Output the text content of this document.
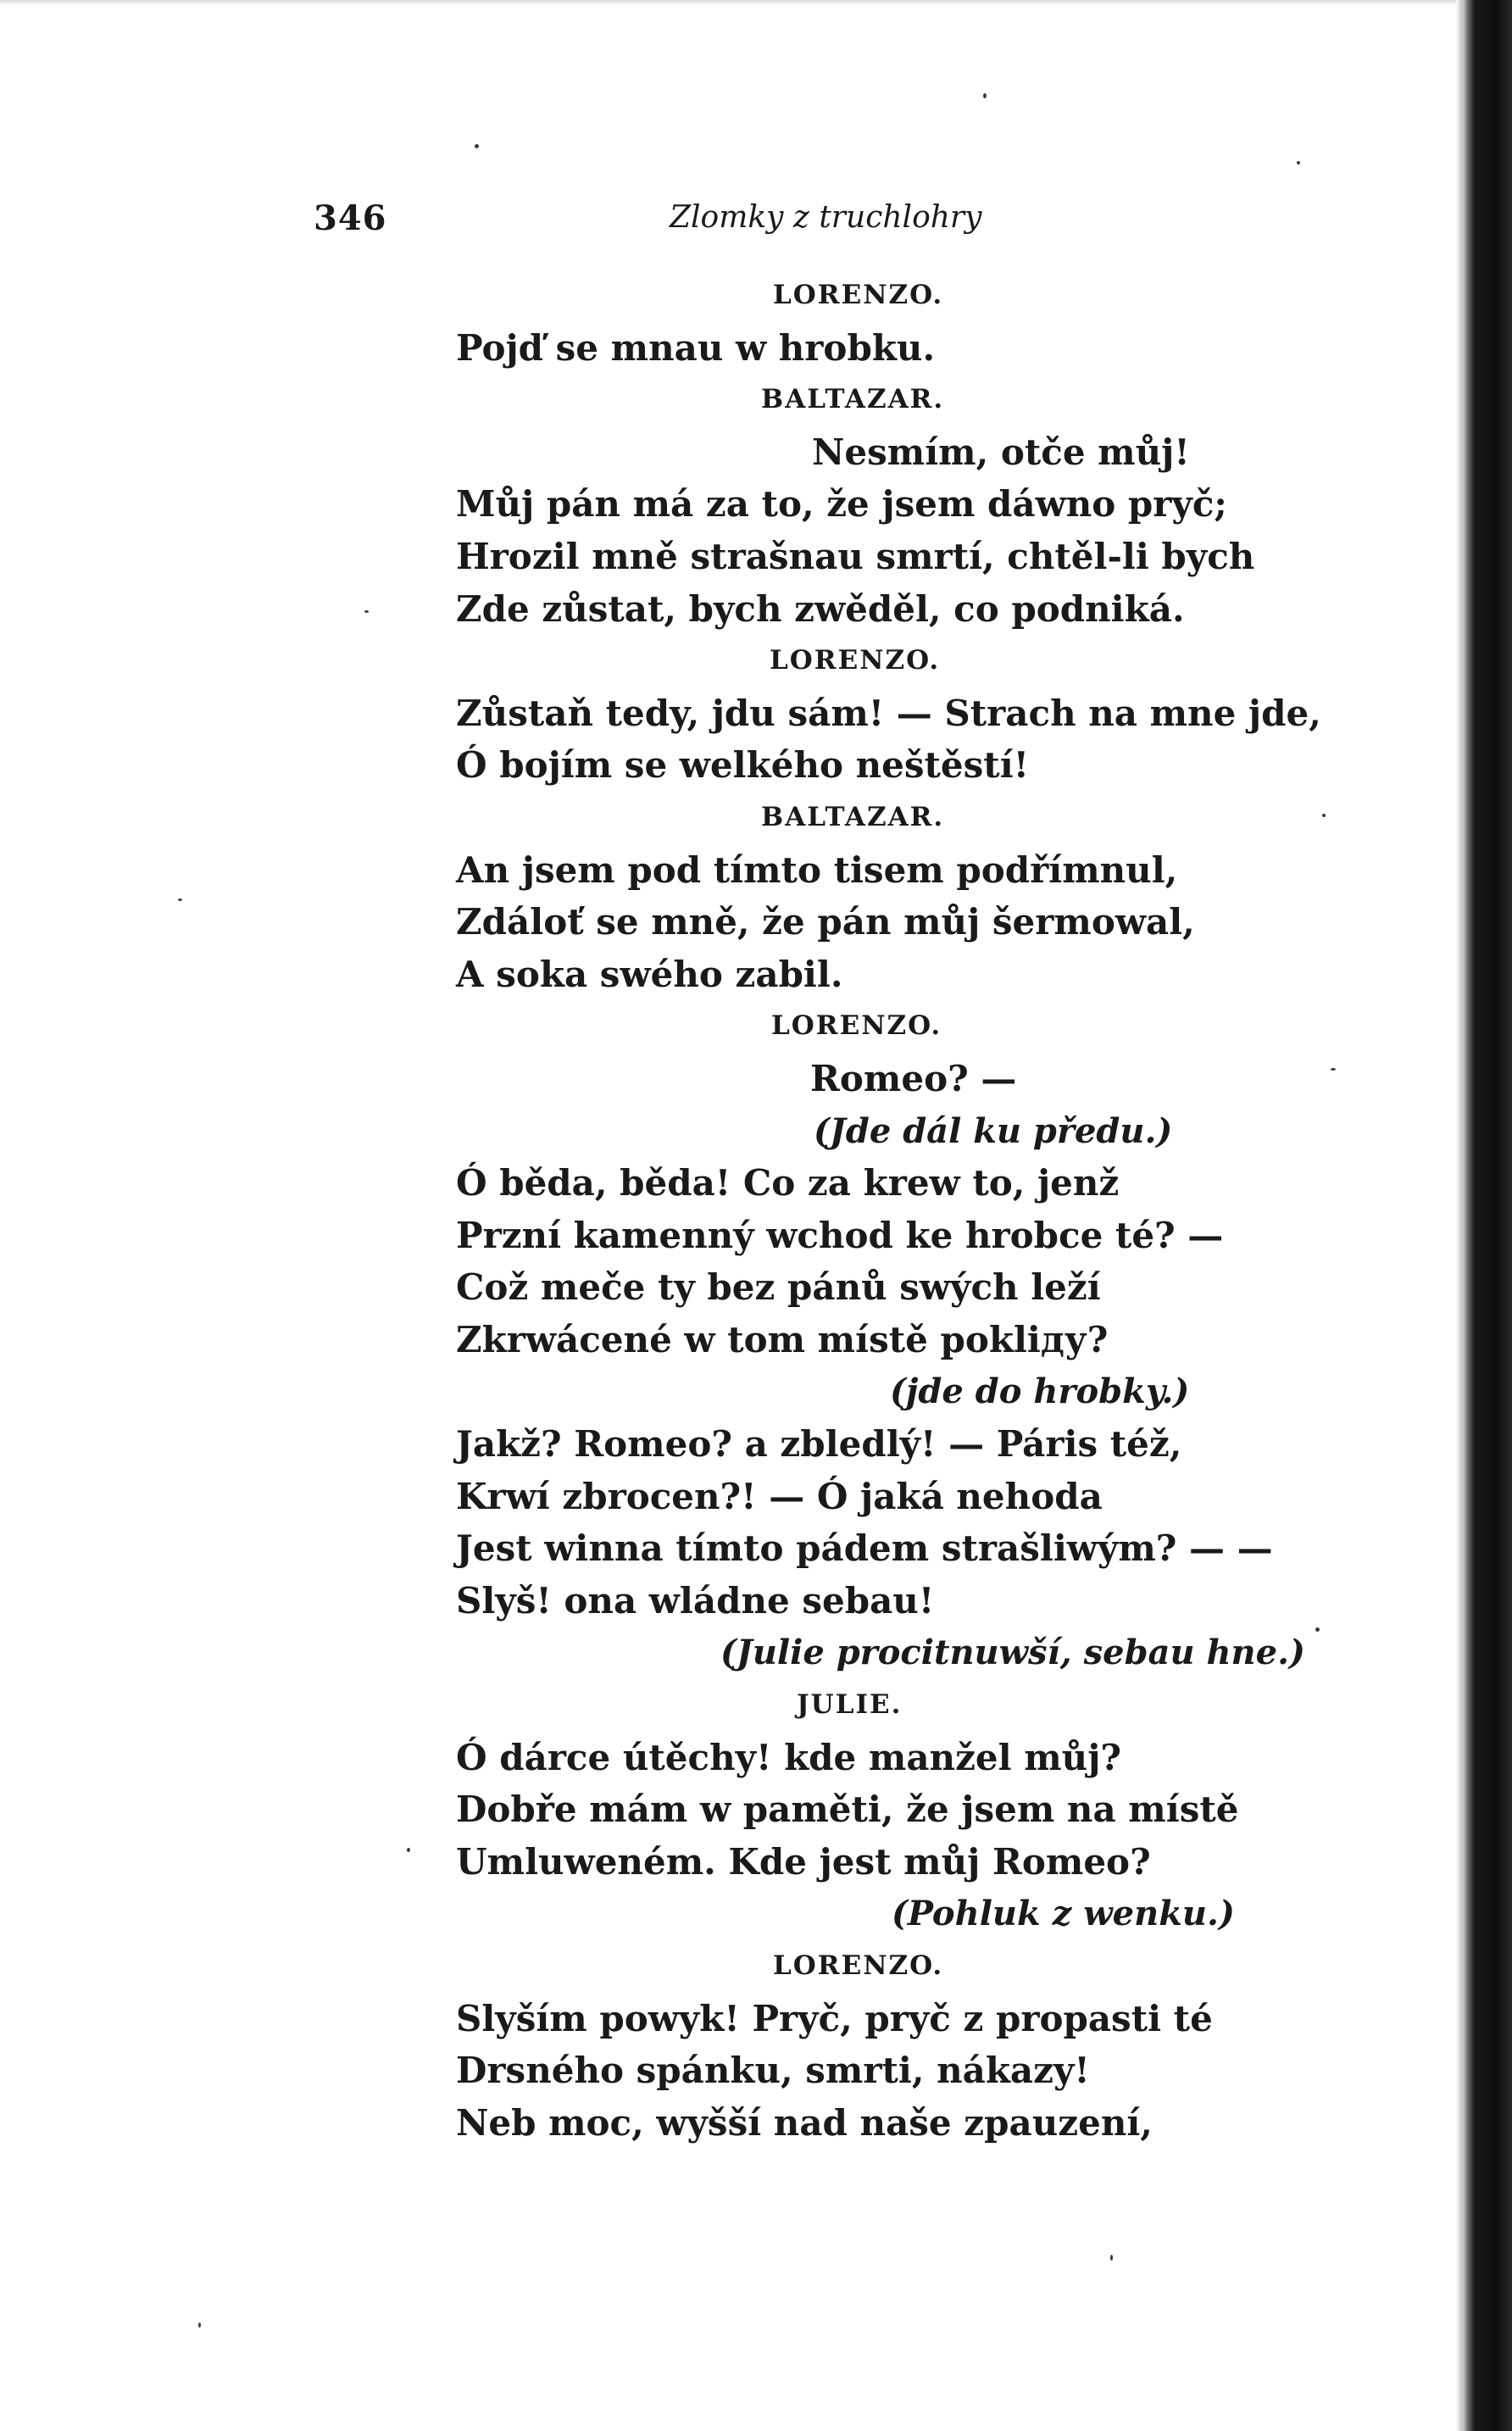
346	Zlomky z truchlohry
LORENZO.
Pojď se mnau w hrobku.
BALTAZAR.
Nesmím, otče můj!
Můj pán má za to, že jsem dáwno pryč;
Hrozil mně strašnau smrtí, chtěl-li bych
Zde zůstat, bych zwěděl, co podniká.
LORENZO.
Zůstaň tedy, jdu sám! — Strach na mne jde,
Ó bojím se welkého neštěstí!
BALTAZAR.
An jsem pod tímto tisem podřímnul,
Zdáloť se mně, že pán můj šermowal,
A soka swého zabil.
LORENZO.
Romeo? —
(Jde dál ku předu.)
Ó běda, běda! Co za krew to, jenž
Przní kamenný wchod ke hrobce té? —
Což meče ty bez pánů swých leží
Zkrwácené w tom místě pokliду?
(jde do hrobky.)
Jakž? Romeo? a zbledlý! — Páris též,
Krwí zbrocen?! — Ó jaká nehoda
Jest winna tímto pádem strašliwým? — —
Slyš! ona wládne sebau!
(Julie procitnuwší, sebau hne.)
JULIE.
Ó dárce útěchy! kde manžel můj?
Dobře mám w paměti, že jsem na místě
Umluweném. Kde jest můj Romeo?
(Pohluk z wenku.)
LORENZO.
Slyším powyk! Pryč, pryč z propasti té
Drsného spánku, smrti, nákazy!
Neb moc, wyšší nad naše zpauzení,
